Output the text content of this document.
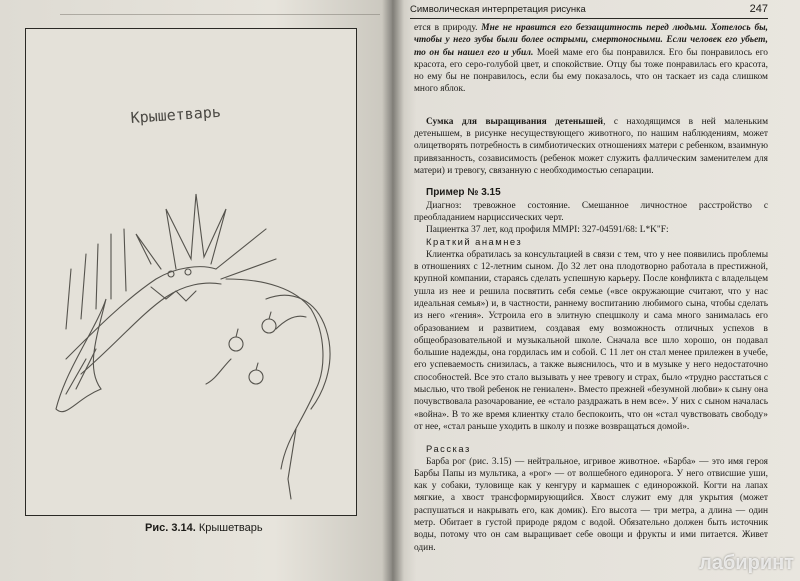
Крышетварь
Рис. 3.14. Крышетварь
Символическая интерпретация рисунка	247

ется в природу. Мне не нравится его беззащитность перед людьми. Хотелось бы, чтобы у него зубы были более острыми, смертоносными. Если человек его убьет, то он бы нашел его и убил. Моей маме его бы понравился. Его бы понравилось его красота, его серо-голубой цвет, и спокойствие. Отцу бы тоже понравилась его красота, но ему бы не понравилось, если бы ему показалось, что он таскает из сада слишком много яблок.

Сумка для выращивания детенышей, с находящимся в ней маленьким детенышем, в рисунке несуществующего животного, по нашим наблюдениям, может олицетворять потребность в симбиотических отношениях матери с ребенком, взаимную привязанность, созависимость (ребенок может служить фаллическим заменителем для матери) и тревогу, связанную с необходимостью сепарации.

Пример № 3.15

Диагноз: тревожное состояние. Смешанное личностное расстройство с преобладанием нарциссических черт.

Пациентка 37 лет, код профиля MMPI: 327-04591/68: L*K"F:

Краткий анамнез

Клиентка обратилась за консультацией в связи с тем, что у нее появились проблемы в отношениях с 12-летним сыном. До 32 лет она плодотворно работала в престижной, крупной компании, стараясь сделать успешную карьеру. После конфликта с владельцем ушла из нее и решила посвятить себя семье («все окружающие считают, что у нас идеальная семья») и, в частности, раннему воспитанию любимого сына, чтобы сделать из него «гения». Устроила его в элитную спецшколу и сама много занималась его образованием и развитием, создавая ему возможность отличных успехов в общеобразовательной и музыкальной школе. Сначала все шло хорошо, он подавал большие надежды, она гордилась им и собой. С 11 лет он стал менее прилежен в учебе, его успеваемость снизилась, а также выяснилось, что и в музыке у него недостаточно способностей. Все это стало вызывать у нее тревогу и страх, было «трудно расстаться с мыслью, что твой ребенок не гениален». Вместо прежней «безумной любви» к сыну она почувствовала разочарование, ее «стало раздражать в нем все». У них с сыном началась «война». В то же время клиентку стало беспокоить, что он «стал чувствовать свободу» от нее, «стал раньше уходить в школу и позже возвращаться домой».

Рассказ

Барба рог (рис. 3.15) — нейтральное, игривое животное. «Барба» — это имя героя Барбы Папы из мультика, а «рог» — от волшебного единорога. У него отвисшие уши, как у собаки, туловище как у кенгуру и кармашек с единорожкой. Когти на лапах мягкие, а хвост трансформирующийся. Хвост служит ему для укрытия (может распушаться и накрывать его, как домик). Его высота — три метра, а длина — один метр. Обитает в густой природе рядом с водой. Обязательно должен быть источник воды, потому что он сам выращивает себе овощи и фрукты и ими питается. Живет один.

лабиринт
